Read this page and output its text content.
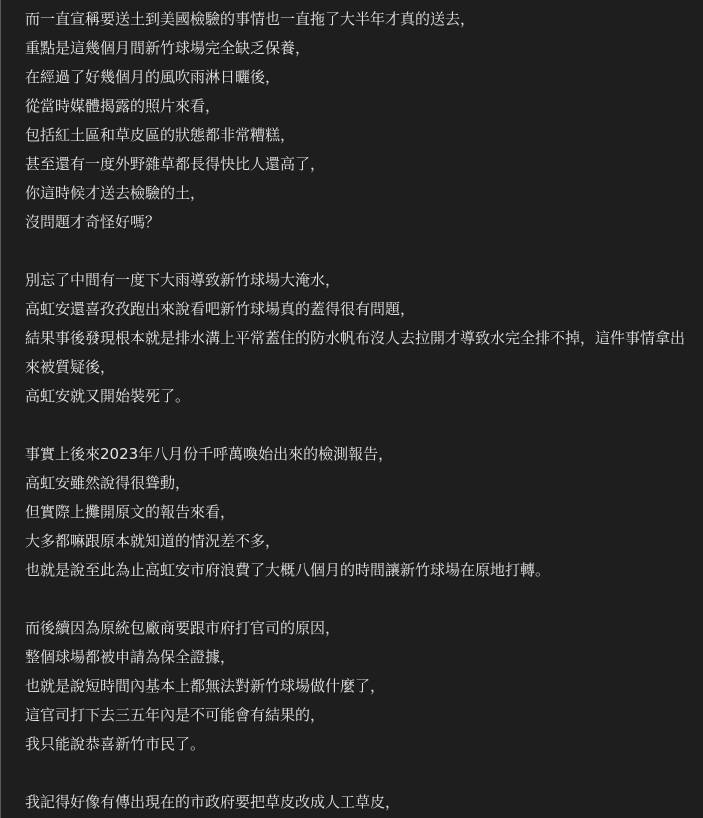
而一直宣稱要送土到美國檢驗的事情也一直拖了大半年才真的送去，
重點是這幾個月間新竹球場完全缺乏保養，
在經過了好幾個月的風吹雨淋日曬後，
從當時媒體揭露的照片來看，
包括紅土區和草皮區的狀態都非常糟糕，
甚至還有一度外野雜草都長得快比人還高了，
你這時候才送去檢驗的土，
沒問題才奇怪好嗎？
別忘了中間有一度下大雨導致新竹球場大淹水，
高虹安還喜孜孜跑出來說看吧新竹球場真的蓋得很有問題，
結果事後發現根本就是排水溝上平常蓋住的防水帆布沒人去拉開才導致水完全排不掉，這件事情拿出來被質疑後，
高虹安就又開始裝死了。
事實上後來2023年八月份千呼萬喚始出來的檢測報告，
高虹安雖然說得很聳動，
但實際上攤開原文的報告來看，
大多都嘛跟原本就知道的情況差不多，
也就是說至此為止高虹安市府浪費了大概八個月的時間讓新竹球場在原地打轉。
而後續因為原統包廠商要跟市府打官司的原因，
整個球場都被申請為保全證據，
也就是說短時間內基本上都無法對新竹球場做什麼了，
這官司打下去三五年內是不可能會有結果的，
我只能說恭喜新竹市民了。
我記得好像有傳出現在的市政府要把草皮改成人工草皮，
